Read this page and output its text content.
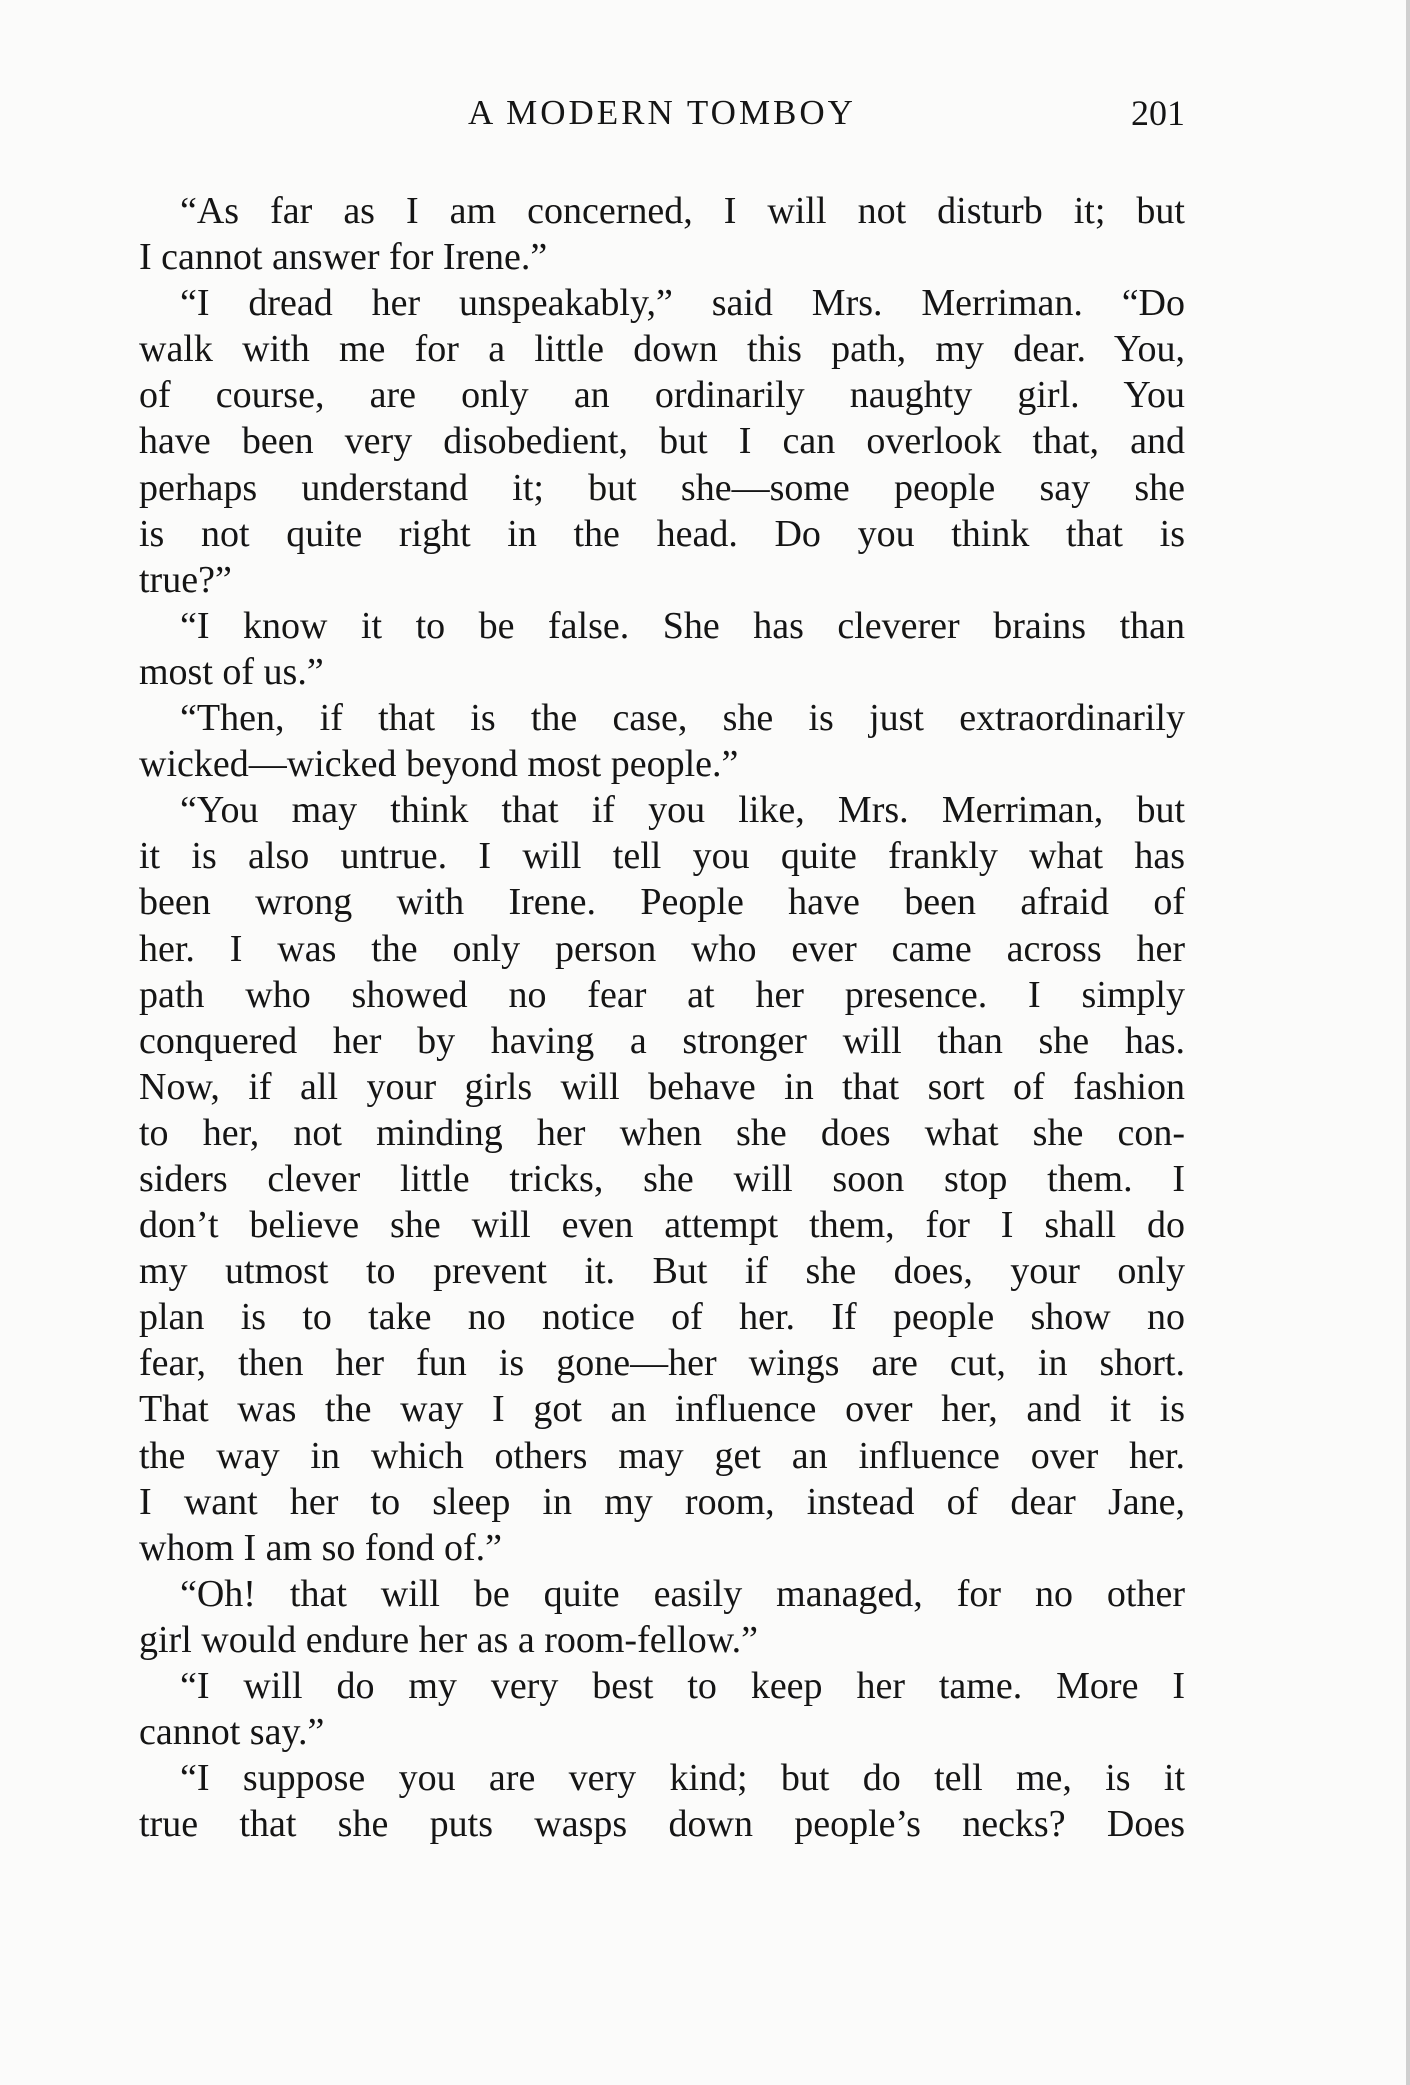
A MODERN TOMBOY	201
“As far as I am concerned, I will not disturb it; but
I cannot answer for Irene.”
“I dread her unspeakably,” said Mrs. Merriman. “Do
walk with me for a little down this path, my dear. You,
of course, are only an ordinarily naughty girl. You
have been very disobedient, but I can overlook that, and
perhaps understand it; but she—some people say she
is not quite right in the head. Do you think that is
true?”
“I know it to be false. She has cleverer brains than
most of us.”
“Then, if that is the case, she is just extraordinarily
wicked—wicked beyond most people.”
“You may think that if you like, Mrs. Merriman, but
it is also untrue. I will tell you quite frankly what has
been wrong with Irene. People have been afraid of
her. I was the only person who ever came across her
path who showed no fear at her presence. I simply
conquered her by having a stronger will than she has.
Now, if all your girls will behave in that sort of fashion
to her, not minding her when she does what she con-
siders clever little tricks, she will soon stop them. I
don’t believe she will even attempt them, for I shall do
my utmost to prevent it. But if she does, your only
plan is to take no notice of her. If people show no
fear, then her fun is gone—her wings are cut, in short.
That was the way I got an influence over her, and it is
the way in which others may get an influence over her.
I want her to sleep in my room, instead of dear Jane,
whom I am so fond of.”
“Oh! that will be quite easily managed, for no other
girl would endure her as a room-fellow.”
“I will do my very best to keep her tame. More I
cannot say.”
“I suppose you are very kind; but do tell me, is it
true that she puts wasps down people’s necks? Does
